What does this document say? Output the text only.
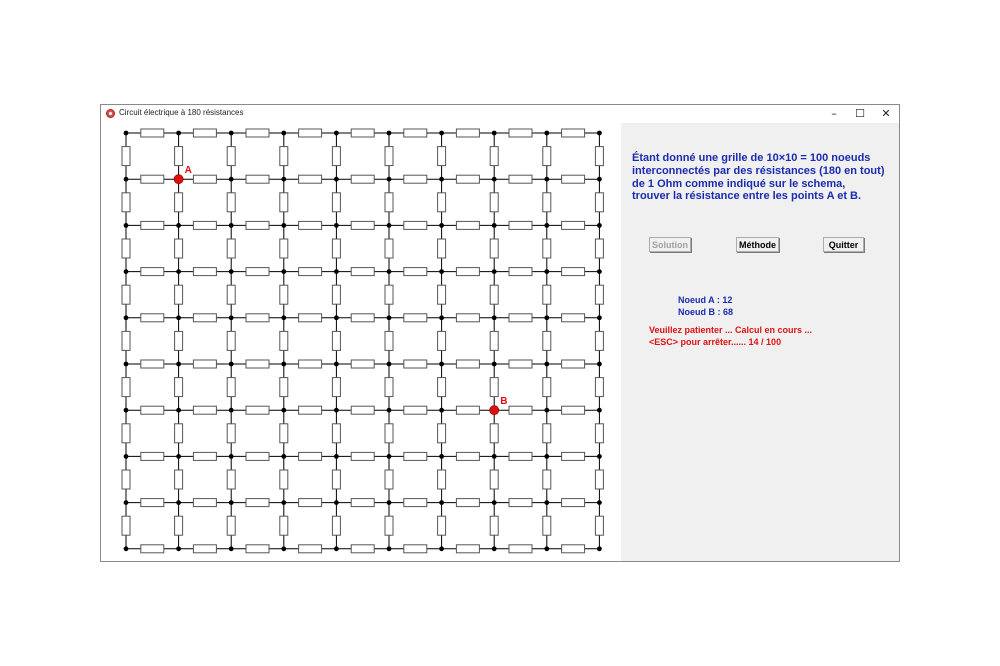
Circuit électrique à 180 résistances	–	☐	✕
A
B

Étant donné une grille de 10×10 = 100 noeuds
interconnectés par des résistances (180 en tout)
de 1 Ohm comme indiqué sur le schema,
trouver la résistance entre les points A et B.

Solution	Méthode	Quitter
Noeud A : 12
Noeud B : 68
Veuillez patienter ... Calcul en cours ...
<ESC> pour arrêter...... 14 / 100
